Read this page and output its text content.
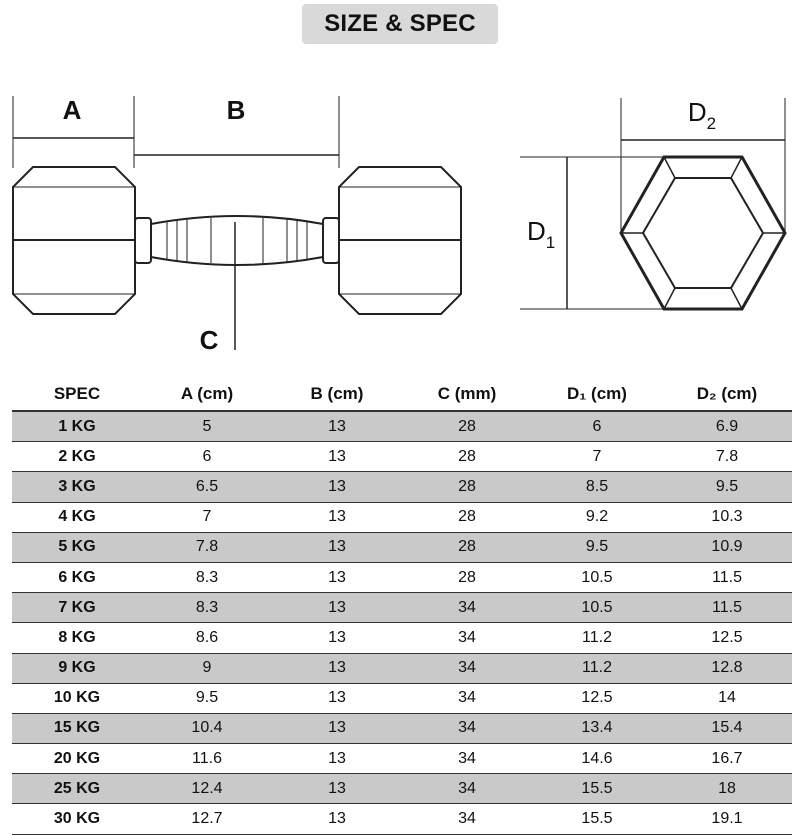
SIZE & SPEC
A	B
C
$D_2$
$D_1$
SPEC	A (cm)	B (cm)	C (mm)	D₁ (cm)	D₂ (cm)
1 KG	5	13	28	6	6.9
2 KG	6	13	28	7	7.8
3 KG	6.5	13	28	8.5	9.5
4 KG	7	13	28	9.2	10.3
5 KG	7.8	13	28	9.5	10.9
6 KG	8.3	13	28	10.5	11.5
7 KG	8.3	13	34	10.5	11.5
8 KG	8.6	13	34	11.2	12.5
9 KG	9	13	34	11.2	12.8
10 KG	9.5	13	34	12.5	14
15 KG	10.4	13	34	13.4	15.4
20 KG	11.6	13	34	14.6	16.7
25 KG	12.4	13	34	15.5	18
30 KG	12.7	13	34	15.5	19.1
